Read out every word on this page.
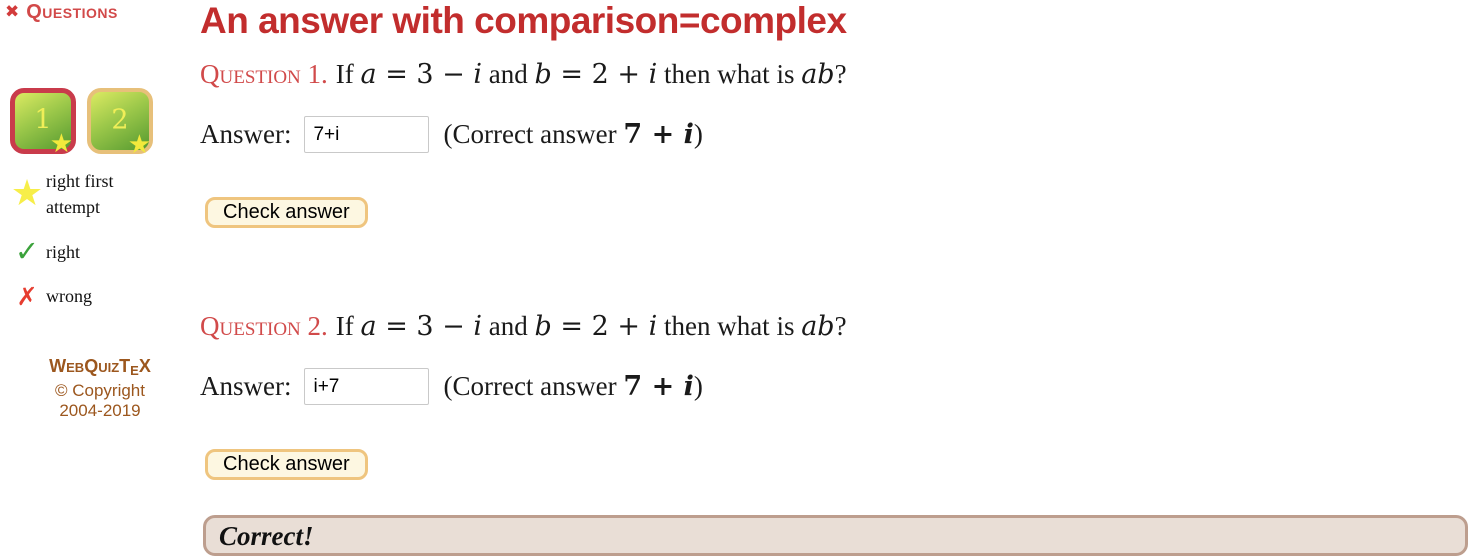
✖ Questions
1
★
2
★
★ right first attempt
✓ right
✗ wrong
WEBQUIZTEX
© Copyright
2004-2019
An answer with comparison=complex
Question 1. If a = 3 − i and b = 2 + i then what is ab?
Answer:
7+i	(Correct answer 7 + i)
Check answer
Question 2. If a = 3 − i and b = 2 + i then what is ab?
Answer:
i+7	(Correct answer 7 + i)
Check answer
Correct!
